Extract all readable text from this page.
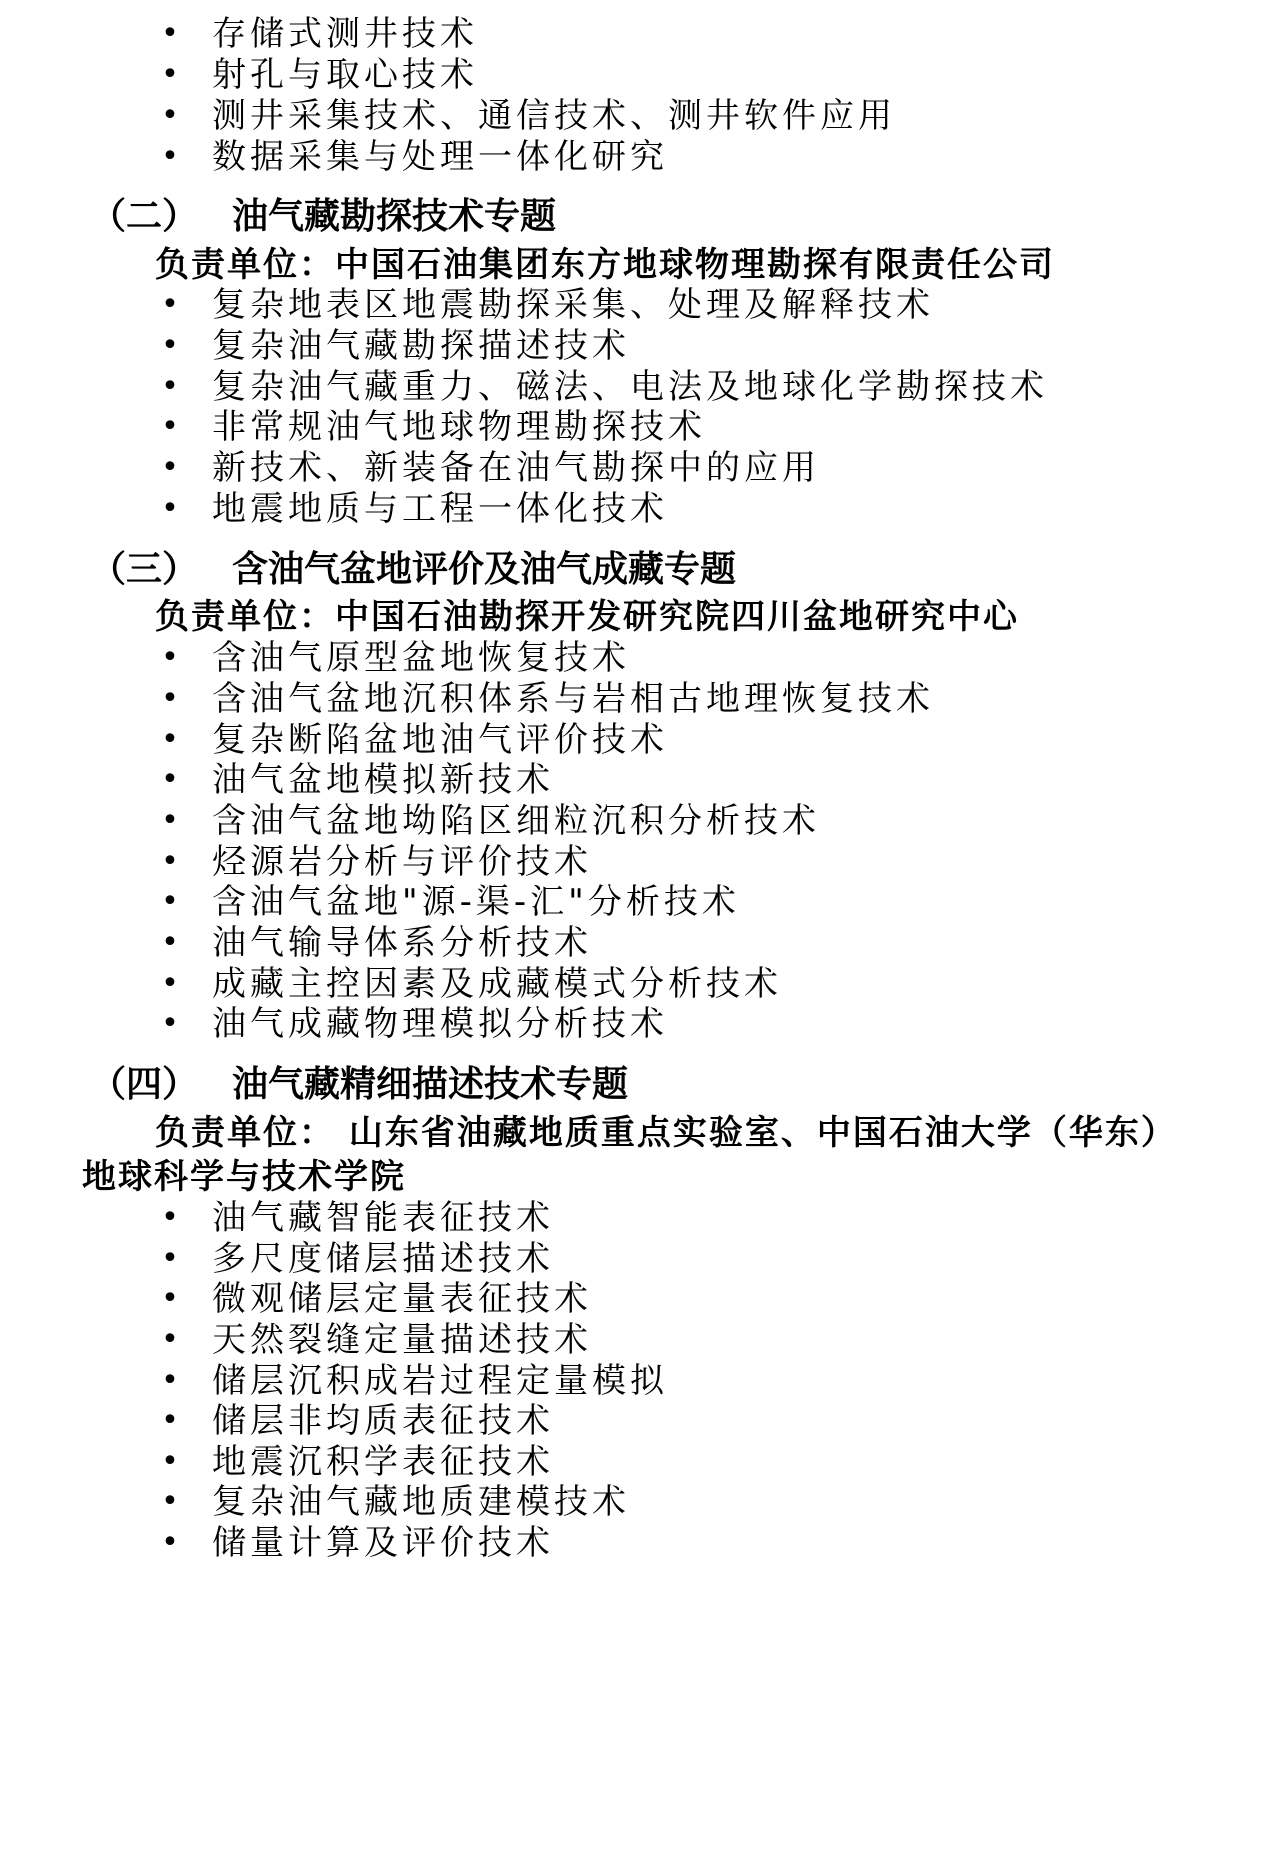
• 存储式测井技术
• 射孔与取心技术
• 测井采集技术、通信技术、测井软件应用
• 数据采集与处理一体化研究
（二） 油气藏勘探技术专题
负责单位：中国石油集团东方地球物理勘探有限责任公司
• 复杂地表区地震勘探采集、处理及解释技术
• 复杂油气藏勘探描述技术
• 复杂油气藏重力、磁法、电法及地球化学勘探技术
• 非常规油气地球物理勘探技术
• 新技术、新装备在油气勘探中的应用
• 地震地质与工程一体化技术
（三） 含油气盆地评价及油气成藏专题
负责单位：中国石油勘探开发研究院四川盆地研究中心
• 含油气原型盆地恢复技术
• 含油气盆地沉积体系与岩相古地理恢复技术
• 复杂断陷盆地油气评价技术
• 油气盆地模拟新技术
• 含油气盆地坳陷区细粒沉积分析技术
• 烃源岩分析与评价技术
• 含油气盆地"源-渠-汇"分析技术
• 油气输导体系分析技术
• 成藏主控因素及成藏模式分析技术
• 油气成藏物理模拟分析技术
（四） 油气藏精细描述技术专题
负责单位： 山东省油藏地质重点实验室、中国石油大学（华东）
地球科学与技术学院
• 油气藏智能表征技术
• 多尺度储层描述技术
• 微观储层定量表征技术
• 天然裂缝定量描述技术
• 储层沉积成岩过程定量模拟
• 储层非均质表征技术
• 地震沉积学表征技术
• 复杂油气藏地质建模技术
• 储量计算及评价技术
